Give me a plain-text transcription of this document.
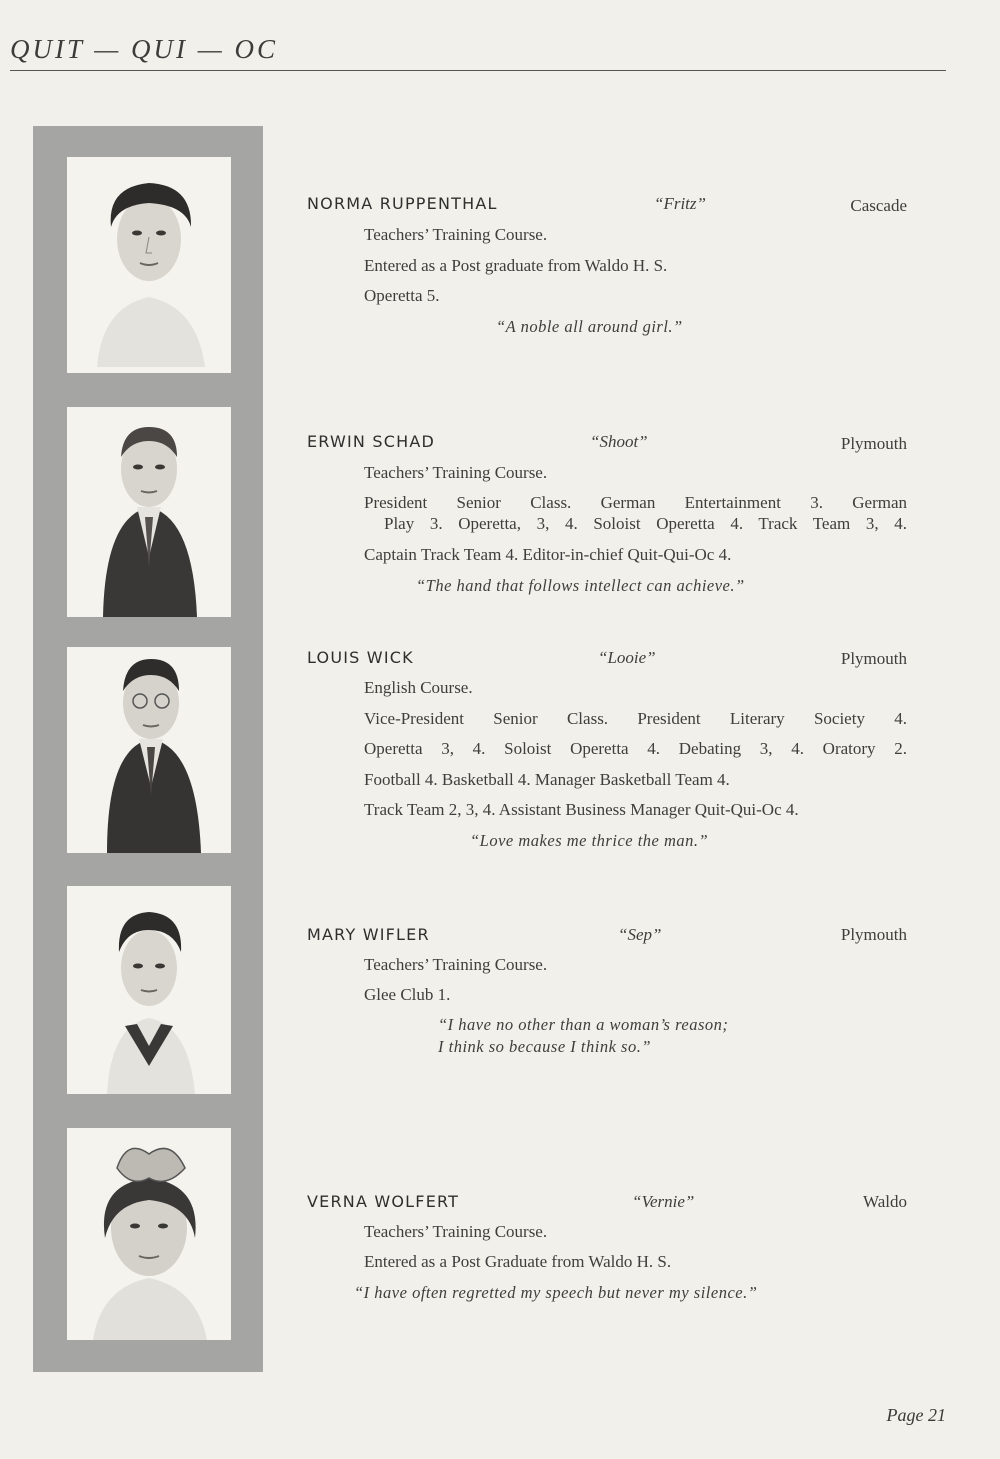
QUIT — QUI — OC
NORMA RUPPENTHAL	“Fritz”	Cascade
Teachers’ Training Course.
Entered as a Post graduate from Waldo H. S.
Operetta 5.
“A noble all around girl.”
ERWIN SCHAD	“Shoot”	Plymouth
Teachers’ Training Course.
President Senior Class. German Entertainment 3. German
Play 3. Operetta, 3, 4. Soloist Operetta 4. Track Team 3, 4.
Captain Track Team 4. Editor-in-chief Quit-Qui-Oc 4.
“The hand that follows intellect can achieve.”
LOUIS WICK	“Looie”	Plymouth
English Course.
Vice-President Senior Class. President Literary Society 4.
Operetta 3, 4. Soloist Operetta 4. Debating 3, 4. Oratory 2.
Football 4. Basketball 4. Manager Basketball Team 4.
Track Team 2, 3, 4. Assistant Business Manager Quit-Qui-Oc 4.
“Love makes me thrice the man.”
MARY WIFLER	“Sep”	Plymouth
Teachers’ Training Course.
Glee Club 1.
“I have no other than a woman’s reason;
I think so because I think so.”
VERNA WOLFERT	“Vernie”	Waldo
Teachers’ Training Course.
Entered as a Post Graduate from Waldo H. S.
“I have often regretted my speech but never my silence.”
Page 21
